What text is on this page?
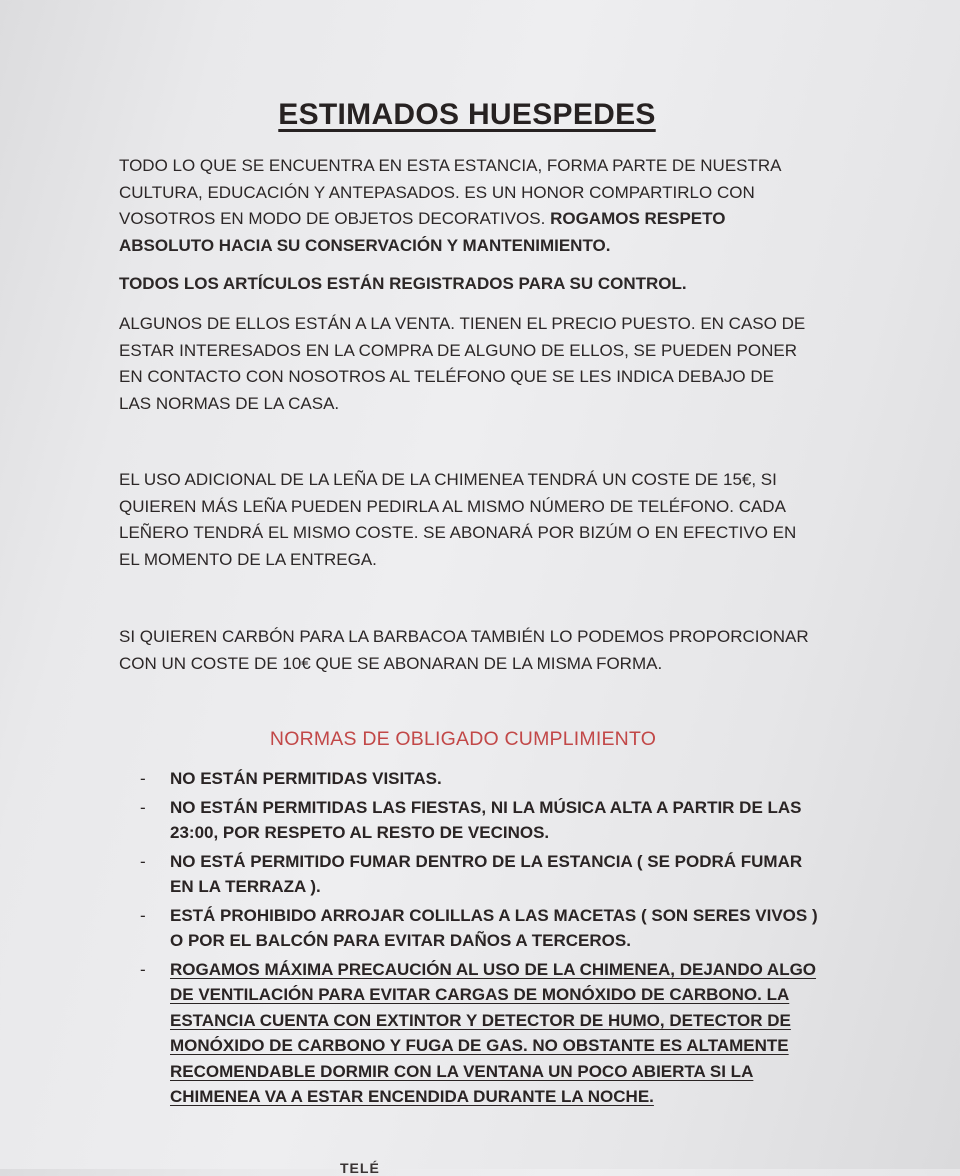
ESTIMADOS HUESPEDES
TODO LO QUE SE ENCUENTRA EN ESTA ESTANCIA, FORMA PARTE DE NUESTRA CULTURA, EDUCACIÓN Y ANTEPASADOS. ES UN HONOR COMPARTIRLO CON VOSOTROS EN MODO DE OBJETOS DECORATIVOS. ROGAMOS RESPETO ABSOLUTO HACIA SU CONSERVACIÓN Y MANTENIMIENTO.
TODOS LOS ARTÍCULOS ESTÁN REGISTRADOS PARA SU CONTROL.
ALGUNOS DE ELLOS ESTÁN A LA VENTA. TIENEN EL PRECIO PUESTO. EN CASO DE ESTAR INTERESADOS EN LA COMPRA DE ALGUNO DE ELLOS, SE PUEDEN PONER EN CONTACTO CON NOSOTROS AL TELÉFONO QUE SE LES INDICA DEBAJO DE LAS NORMAS DE LA CASA.
EL USO ADICIONAL DE LA LEÑA DE LA CHIMENEA TENDRÁ UN COSTE DE 15€, SI QUIEREN MÁS LEÑA PUEDEN PEDIRLA AL MISMO NÚMERO DE TELÉFONO. CADA LEÑERO TENDRÁ EL MISMO COSTE. SE ABONARÁ POR BIZÚM O EN EFECTIVO EN EL MOMENTO DE LA ENTREGA.
SI QUIEREN CARBÓN PARA LA BARBACOA TAMBIÉN LO PODEMOS PROPORCIONAR CON UN COSTE DE 10€ QUE SE ABONARAN DE LA MISMA FORMA.
NORMAS DE OBLIGADO CUMPLIMIENTO
- NO ESTÁN PERMITIDAS VISITAS.
- NO ESTÁN PERMITIDAS LAS FIESTAS, NI LA MÚSICA ALTA A PARTIR DE LAS 23:00, POR RESPETO AL RESTO DE VECINOS.
- NO ESTÁ PERMITIDO FUMAR DENTRO DE LA ESTANCIA ( SE PODRÁ FUMAR EN LA TERRAZA ).
- ESTÁ PROHIBIDO ARROJAR COLILLAS A LAS MACETAS ( SON SERES VIVOS ) O POR EL BALCÓN PARA EVITAR DAÑOS A TERCEROS.
- ROGAMOS MÁXIMA PRECAUCIÓN AL USO DE LA CHIMENEA, DEJANDO ALGO DE VENTILACIÓN PARA EVITAR CARGAS DE MONÓXIDO DE CARBONO. LA ESTANCIA CUENTA CON EXTINTOR Y DETECTOR DE HUMO, DETECTOR DE MONÓXIDO DE CARBONO Y FUGA DE GAS. NO OBSTANTE ES ALTAMENTE RECOMENDABLE DORMIR CON LA VENTANA UN POCO ABIERTA SI LA CHIMENEA VA A ESTAR ENCENDIDA DURANTE LA NOCHE.
TELÉ
